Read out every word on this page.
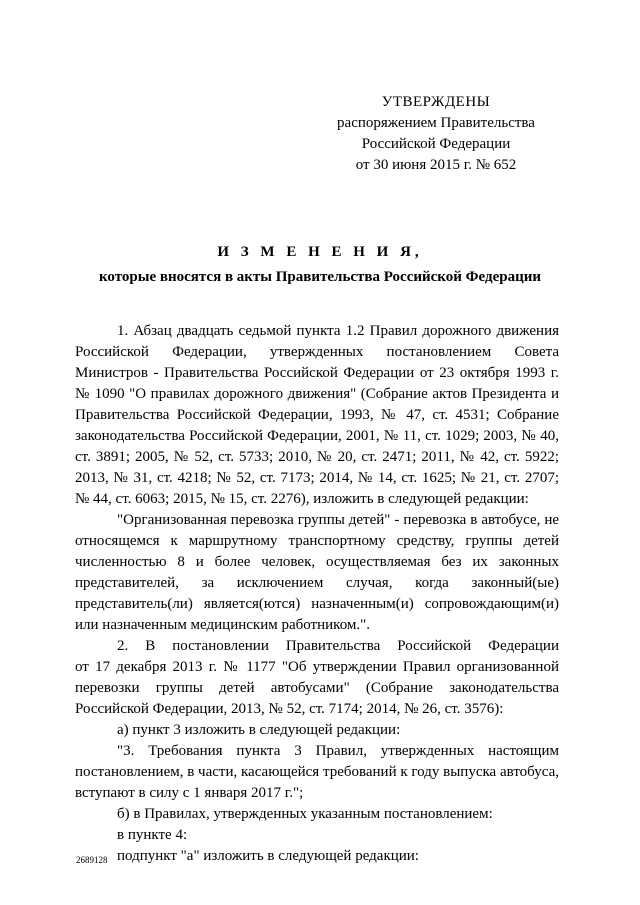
УТВЕРЖДЕНЫ
распоряжением Правительства
Российской Федерации
от 30 июня 2015 г. № 652
И З М Е Н Е Н И Я,
которые вносятся в акты Правительства Российской Федерации

1. Абзац двадцать седьмой пункта 1.2 Правил дорожного движения

Российской Федерации, утвержденных постановлением Совета

Министров - Правительства Российской Федерации от 23 октября 1993 г.

№ 1090 "О правилах дорожного движения" (Собрание актов Президента и

Правительства Российской Федерации, 1993, № 47, ст. 4531; Собрание

законодательства Российской Федерации, 2001, № 11, ст. 1029; 2003, № 40,

ст. 3891; 2005, № 52, ст. 5733; 2010, № 20, ст. 2471; 2011, № 42, ст. 5922;

2013, № 31, ст. 4218; № 52, ст. 7173; 2014, № 14, ст. 1625; № 21, ст. 2707;

№ 44, ст. 6063; 2015, № 15, ст. 2276), изложить в следующей редакции:

"Организованная перевозка группы детей" - перевозка в автобусе, не

относящемся к маршрутному транспортному средству, группы детей

численностью 8 и более человек, осуществляемая без их законных

представителей, за исключением случая, когда законный(ые)

представитель(ли) является(ются) назначенным(и) сопровождающим(и)

или назначенным медицинским работником.".

2. В постановлении Правительства Российской Федерации

от 17 декабря 2013 г. № 1177 "Об утверждении Правил организованной

перевозки группы детей автобусами" (Собрание законодательства

Российской Федерации, 2013, № 52, ст. 7174; 2014, № 26, ст. 3576):

а) пункт 3 изложить в следующей редакции:

"3. Требования пункта 3 Правил, утвержденных настоящим

постановлением, в части, касающейся требований к году выпуска автобуса,

вступают в силу с 1 января 2017 г.";

б) в Правилах, утвержденных указанным постановлением:

в пункте 4:

подпункт "а" изложить в следующей редакции:

2689128
